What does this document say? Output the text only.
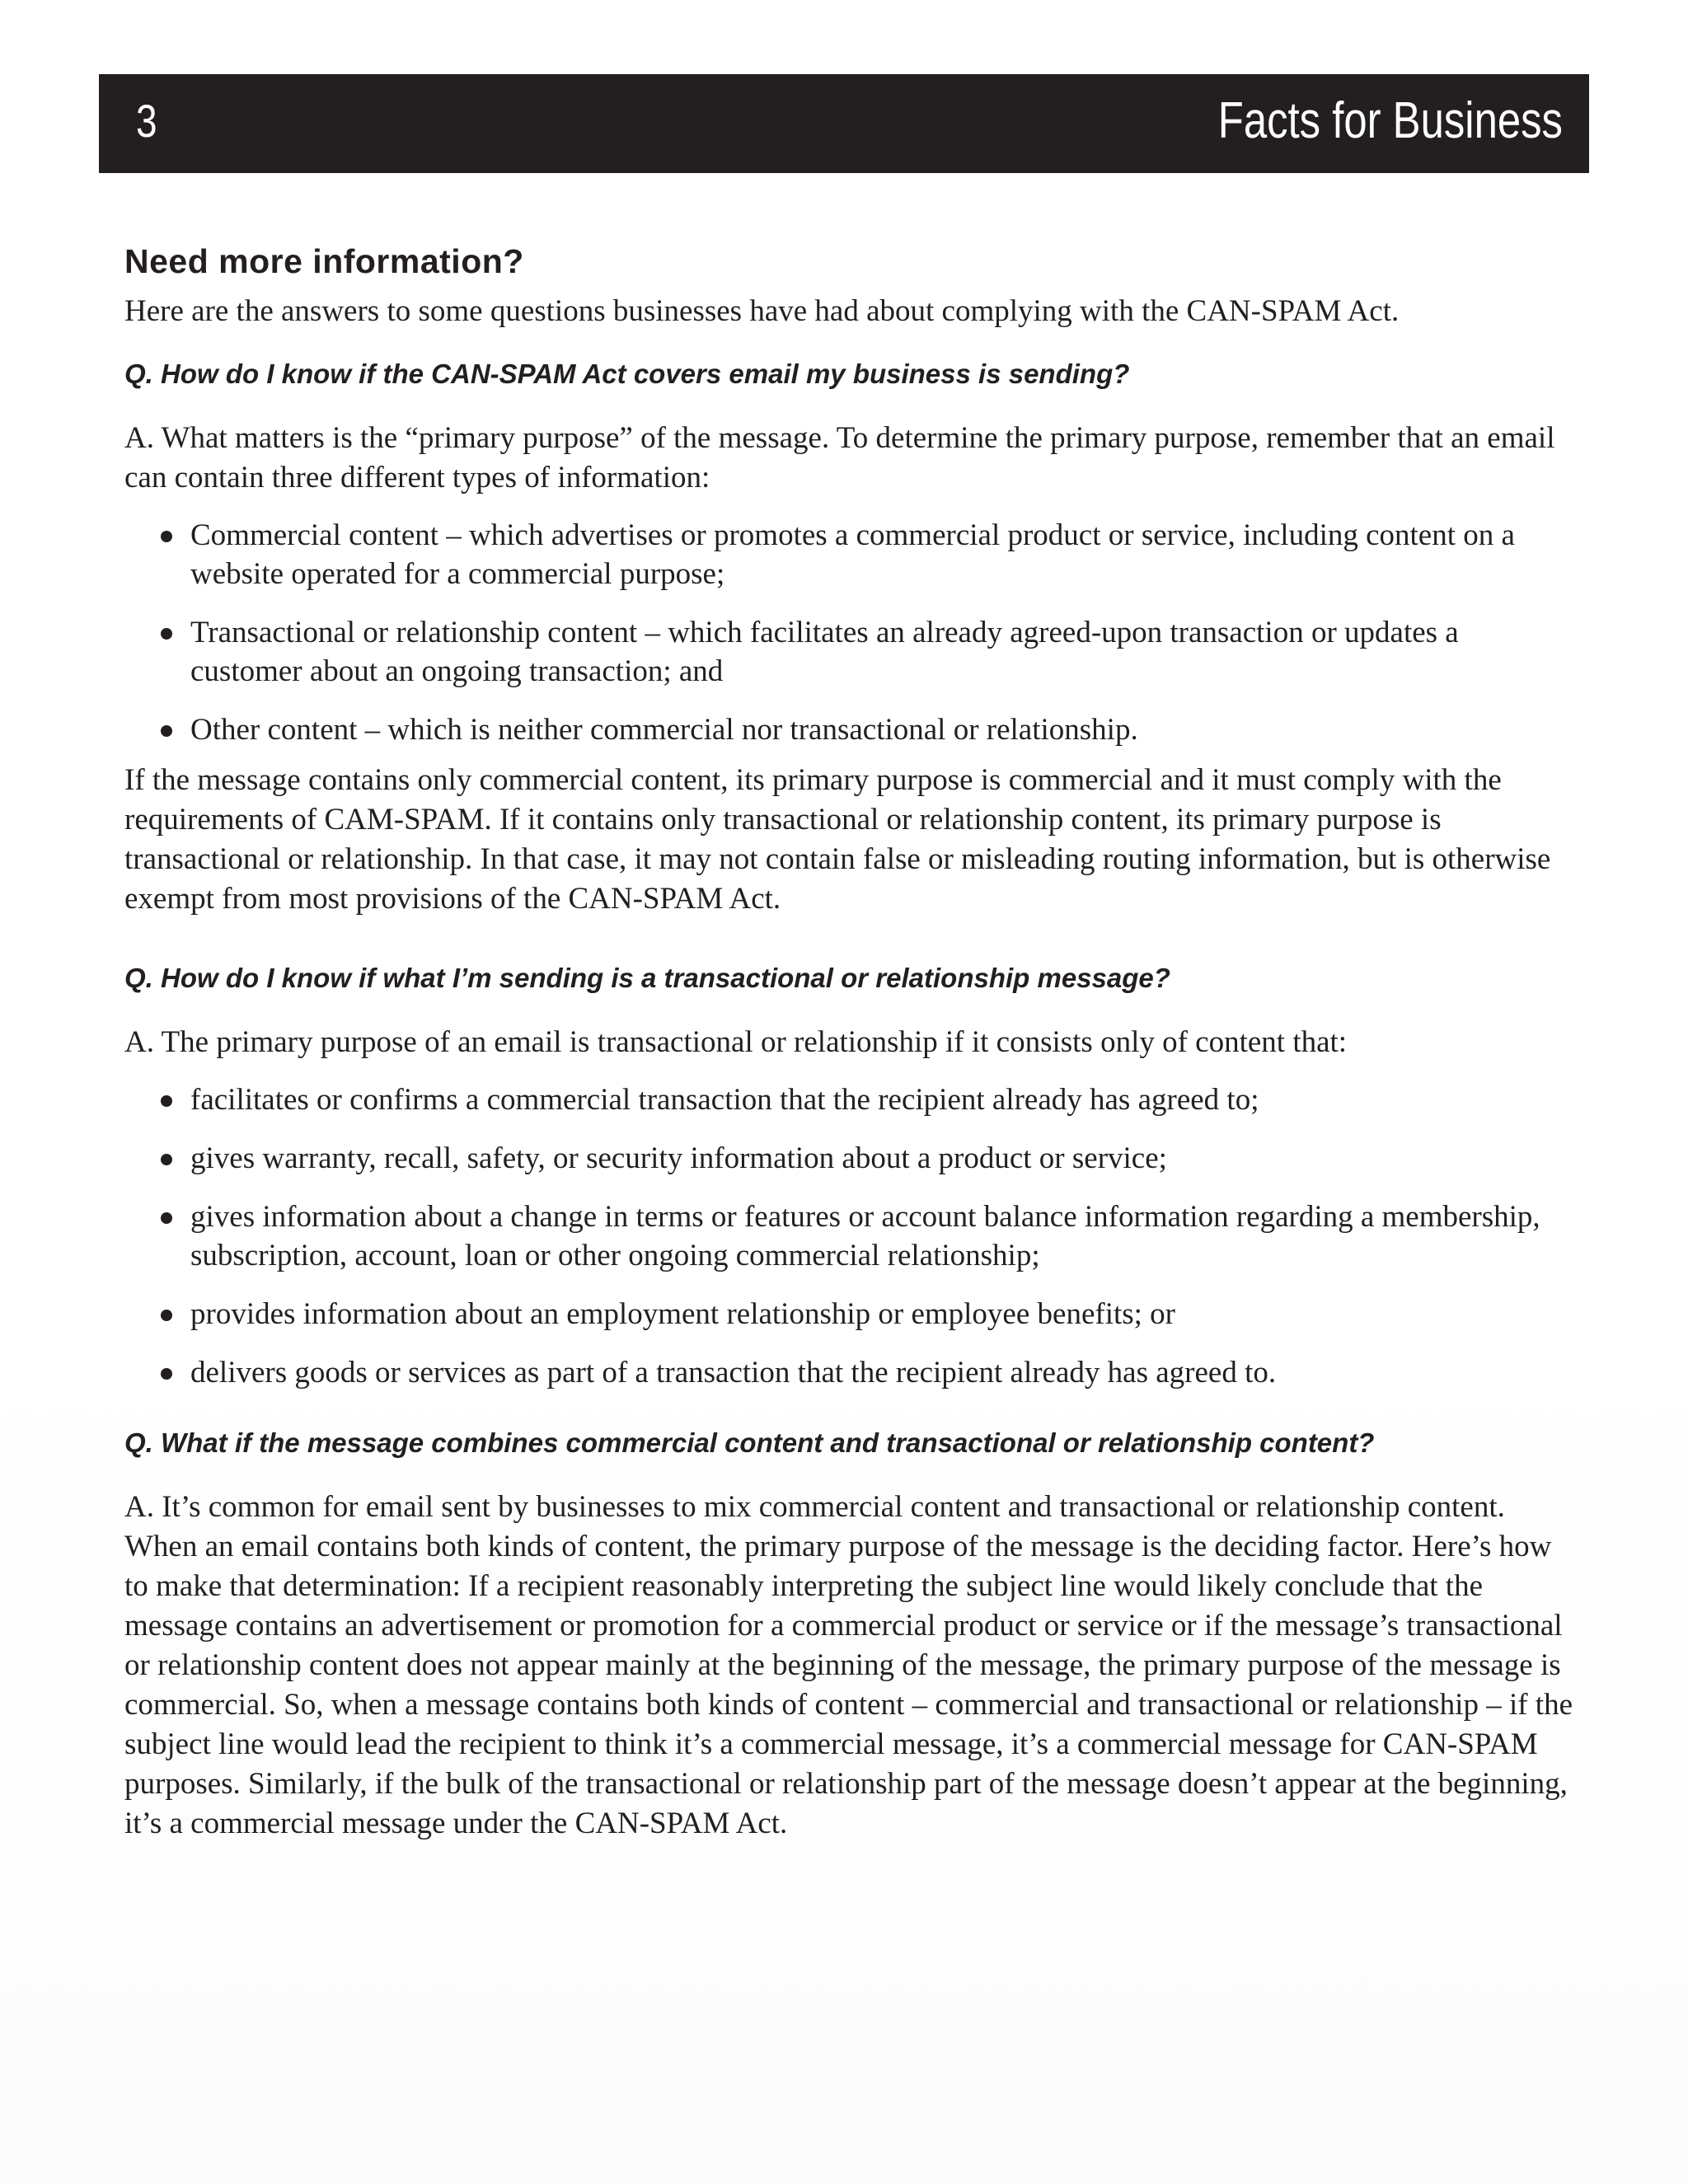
3	Facts for Business
Need more information?

Here are the answers to some questions businesses have had about complying with the CAN-SPAM Act.

Q. How do I know if the CAN-SPAM Act covers email my business is sending?

A. What matters is the “primary purpose” of the message. To determine the primary purpose, remember that an email can contain three different types of information:

Commercial content – which advertises or promotes a commercial product or service, including content on a website operated for a commercial purpose;
Transactional or relationship content – which facilitates an already agreed-upon transaction or updates a customer about an ongoing transaction; and
Other content – which is neither commercial nor transactional or relationship.

If the message contains only commercial content, its primary purpose is commercial and it must comply with the requirements of CAM-SPAM. If it contains only transactional or relationship content, its primary purpose is transactional or relationship. In that case, it may not contain false or misleading routing information, but is otherwise exempt from most provisions of the CAN-SPAM Act.

Q. How do I know if what I’m sending is a transactional or relationship message?

A. The primary purpose of an email is transactional or relationship if it consists only of content that:

facilitates or confirms a commercial transaction that the recipient already has agreed to;
gives warranty, recall, safety, or security information about a product or service;
gives information about a change in terms or features or account balance information regarding a membership, subscription, account, loan or other ongoing commercial relationship;
provides information about an employment relationship or employee benefits; or
delivers goods or services as part of a transaction that the recipient already has agreed to.
Q. What if the message combines commercial content and transactional or relationship content?

A. It’s common for email sent by businesses to mix commercial content and transactional or relationship content. When an email contains both kinds of content, the primary purpose of the message is the deciding factor. Here’s how to make that determination: If a recipient reasonably interpreting the subject line would likely conclude that the message contains an advertisement or promotion for a commercial product or service or if the message’s transactional or relationship content does not appear mainly at the beginning of the message, the primary purpose of the message is commercial. So, when a message contains both kinds of content – commercial and transactional or relationship – if the subject line would lead the recipient to think it’s a commercial message, it’s a commercial message for CAN-SPAM purposes. Similarly, if the bulk of the transactional or relationship part of the message doesn’t appear at the beginning, it’s a commercial message under the CAN-SPAM Act.
